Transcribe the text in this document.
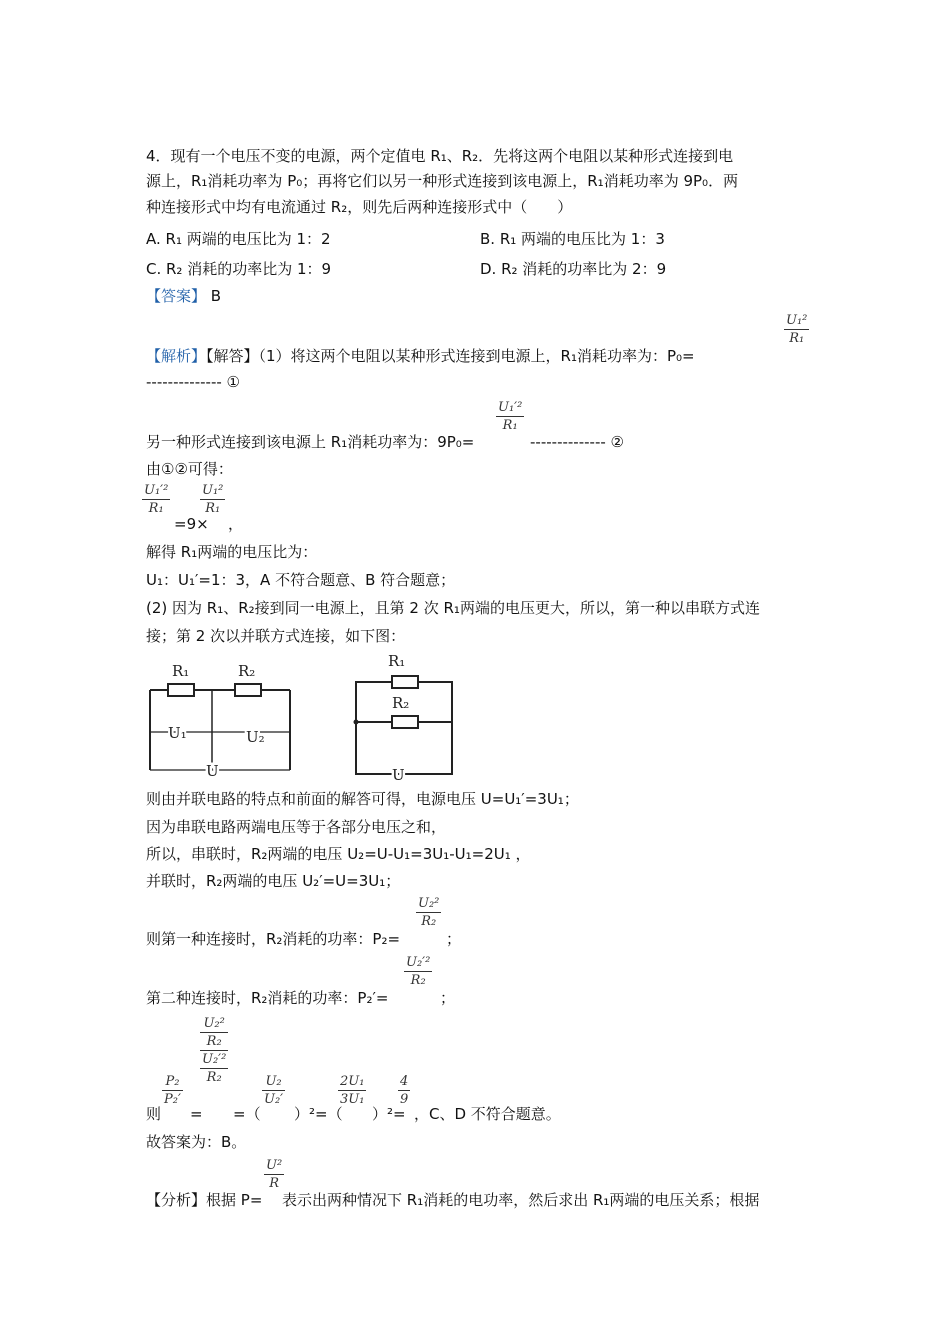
4．现有一个电压不变的电源，两个定值电 R₁、R₂．先将这两个电阻以某种形式连接到电
源上，R₁消耗功率为 P₀；再将它们以另一种形式连接到该电源上，R₁消耗功率为 9P₀．两
种连接形式中均有电流通过 R₂，则先后两种连接形式中（　　）
A. R₁ 两端的电压比为 1：2	B. R₁ 两端的电压比为 1：3
C. R₂ 消耗的功率比为 1：9	D. R₂ 消耗的功率比为 2：9
【答案】 B
【解析】【解答】（1）将这两个电阻以某种形式连接到电源上，R₁消耗功率为：P₀=
U₁²
R₁
-------------- ①
另一种形式连接到该电源上 R₁消耗功率为：9P₀=
U₁′²
R₁
-------------- ②
由①②可得：
U₁′²
R₁
=9×
U₁²
R₁
，
解得 R₁两端的电压比为：
U₁：U₁′=1：3，A 不符合题意、B 符合题意；
(2) 因为 R₁、R₂接到同一电源上，且第 2 次 R₁两端的电压更大，所以，第一种以串联方式连
接；第 2 次以并联方式连接，如下图：
R₁	R₂
U₁	U₂
U
R₁
R₂
U
则由并联电路的特点和前面的解答可得，电源电压 U=U₁′=3U₁；
因为串联电路两端电压等于各部分电压之和，
所以，串联时，R₂两端的电压 U₂=U-U₁=3U₁-U₁=2U₁ ，
并联时，R₂两端的电压 U₂′=U=3U₁；
则第一种连接时，R₂消耗的功率：P₂=
U₂²
R₂
；
第二种连接时，R₂消耗的功率：P₂′=
U₂′²
R₂
；
则
P₂
P₂′
=
U₂²
R₂
U₂′²
R₂
=（
U₂
U₂′
）²=（
2U₁
3U₁
）²=
4
9
，C、D 不符合题意。
故答案为：B。
【分析】根据 P=
U²
R
表示出两种情况下 R₁消耗的电功率，然后求出 R₁两端的电压关系；根据
